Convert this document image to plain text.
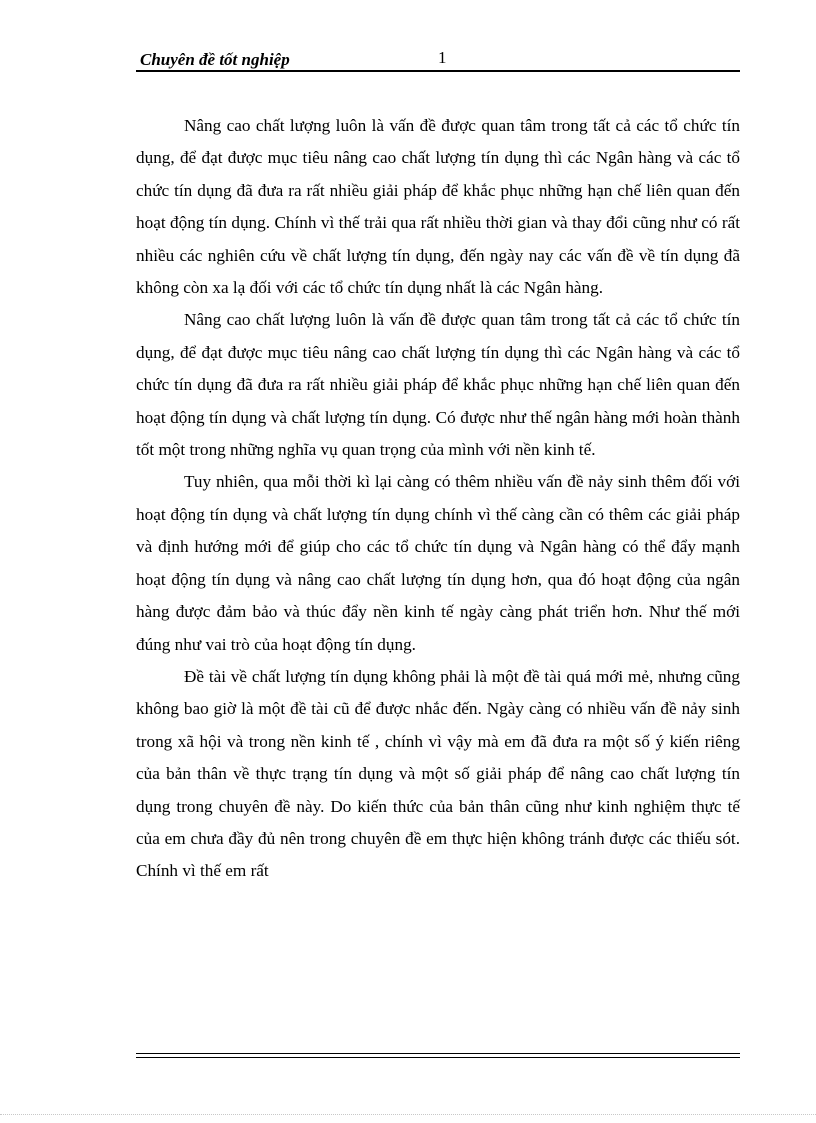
Chuyên đề tốt nghiệp	1

Nâng cao chất lượng luôn là vấn đề được quan tâm trong tất cả các tổ chức tín dụng, để đạt được mục tiêu nâng cao chất lượng tín dụng thì các Ngân hàng và các tổ chức tín dụng đã đưa ra rất nhiều giải pháp để khắc phục những hạn chế liên quan đến hoạt động tín dụng. Chính vì thế trải qua rất nhiều thời gian và thay đổi cũng như có rất nhiều các nghiên cứu về chất lượng tín dụng, đến ngày nay các vấn đề về tín dụng đã không còn xa lạ đối với các tổ chức tín dụng nhất là các Ngân hàng.

Nâng cao chất lượng luôn là vấn đề được quan tâm trong tất cả các tổ chức tín dụng, để đạt được mục tiêu nâng cao chất lượng tín dụng thì các Ngân hàng và các tổ chức tín dụng đã đưa ra rất nhiều giải pháp để khắc phục những hạn chế liên quan đến hoạt động tín dụng và chất lượng tín dụng. Có được như thế ngân hàng mới hoàn thành tốt một trong những nghĩa vụ quan trọng của mình với nền kinh tế.

Tuy nhiên, qua mỗi thời kì lại càng có thêm nhiều vấn đề nảy sinh thêm đối với hoạt động tín dụng và chất lượng tín dụng chính vì thế càng cần có thêm các giải pháp và định hướng mới để giúp cho các tổ chức tín dụng và Ngân hàng có thể đẩy mạnh hoạt động tín dụng và nâng cao chất lượng tín dụng hơn, qua đó hoạt động của ngân hàng được đảm bảo và thúc đẩy nền kinh tế ngày càng phát triển hơn. Như thế mới đúng như vai trò của hoạt động tín dụng.

Đề tài về chất lượng tín dụng không phải là một đề tài quá mới mẻ, nhưng cũng không bao giờ là một đề tài cũ để được nhắc đến. Ngày càng có nhiều vấn đề nảy sinh trong xã hội và trong nền kinh tế , chính vì vậy mà em đã đưa ra một số ý kiến riêng của bản thân về thực trạng tín dụng và một số giải pháp để nâng cao chất lượng tín dụng trong chuyên đề này. Do kiến thức của bản thân cũng như kinh nghiệm thực tế của em chưa đầy đủ nên trong chuyên đề em thực hiện không tránh được các thiếu sót. Chính vì thế em rất
